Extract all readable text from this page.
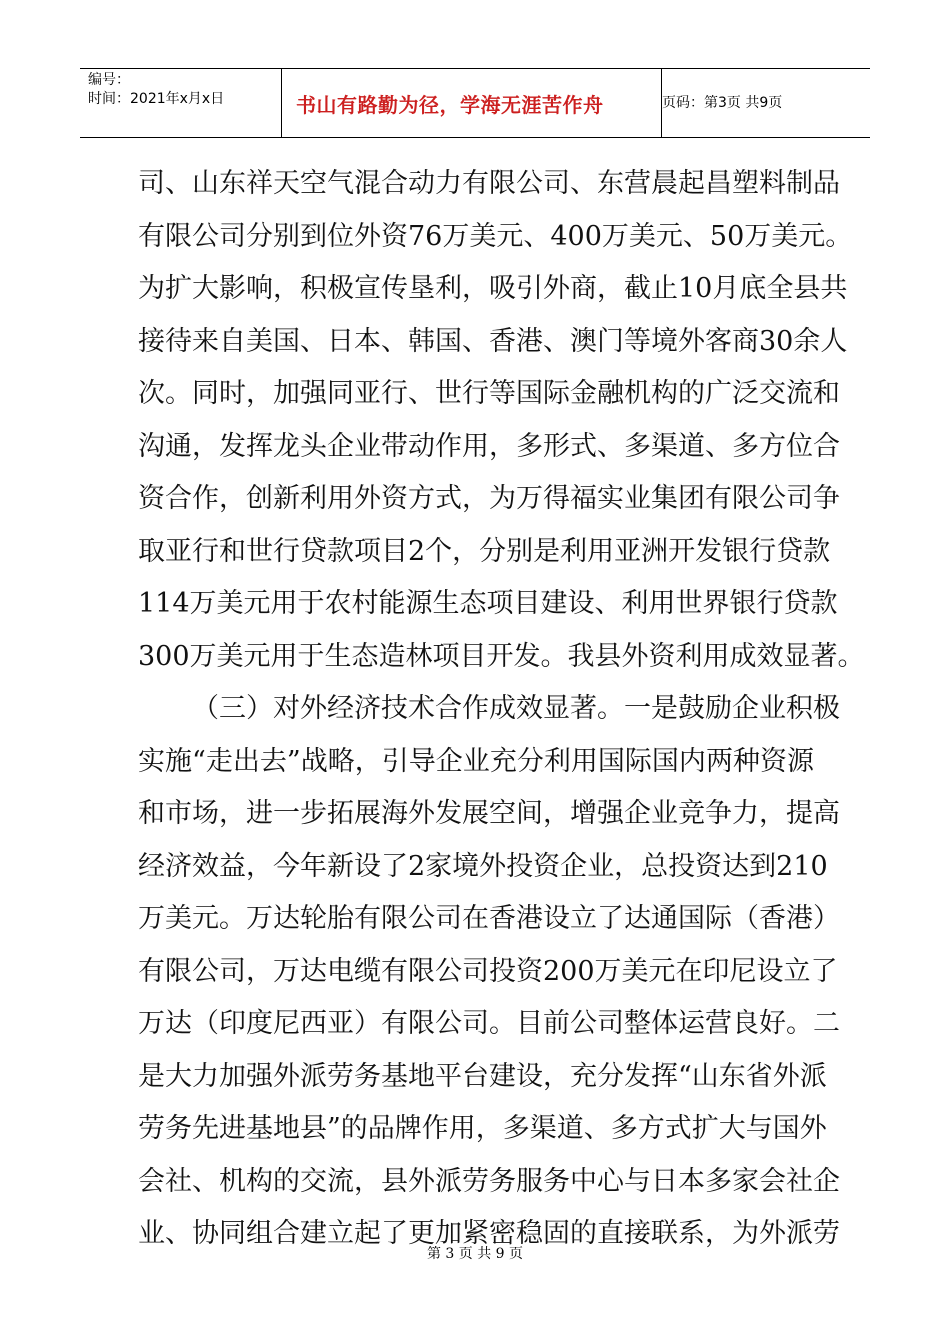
编号：
时间：2021年x月x日	书山有路勤为径，学海无涯苦作舟	页码：第3页 共9页
司、山东祥天空气混合动力有限公司、东营晨起昌塑料制品
有限公司分别到位外资76万美元、400万美元、50万美元。
为扩大影响，积极宣传垦利，吸引外商，截止10月底全县共
接待来自美国、日本、韩国、香港、澳门等境外客商30余人
次。同时，加强同亚行、世行等国际金融机构的广泛交流和
沟通，发挥龙头企业带动作用，多形式、多渠道、多方位合
资合作，创新利用外资方式，为万得福实业集团有限公司争
取亚行和世行贷款项目2个，分别是利用亚洲开发银行贷款
114万美元用于农村能源生态项目建设、利用世界银行贷款
300万美元用于生态造林项目开发。我县外资利用成效显著。
（三）对外经济技术合作成效显著。一是鼓励企业积极
实施“走出去”战略，引导企业充分利用国际国内两种资源
和市场，进一步拓展海外发展空间，增强企业竞争力，提高
经济效益，今年新设了2家境外投资企业，总投资达到210
万美元。万达轮胎有限公司在香港设立了达通国际（香港）
有限公司，万达电缆有限公司投资200万美元在印尼设立了
万达（印度尼西亚）有限公司。目前公司整体运营良好。二
是大力加强外派劳务基地平台建设，充分发挥“山东省外派
劳务先进基地县”的品牌作用，多渠道、多方式扩大与国外
会社、机构的交流，县外派劳务服务中心与日本多家会社企
业、协同组合建立起了更加紧密稳固的直接联系，为外派劳
第 3 页 共 9 页
